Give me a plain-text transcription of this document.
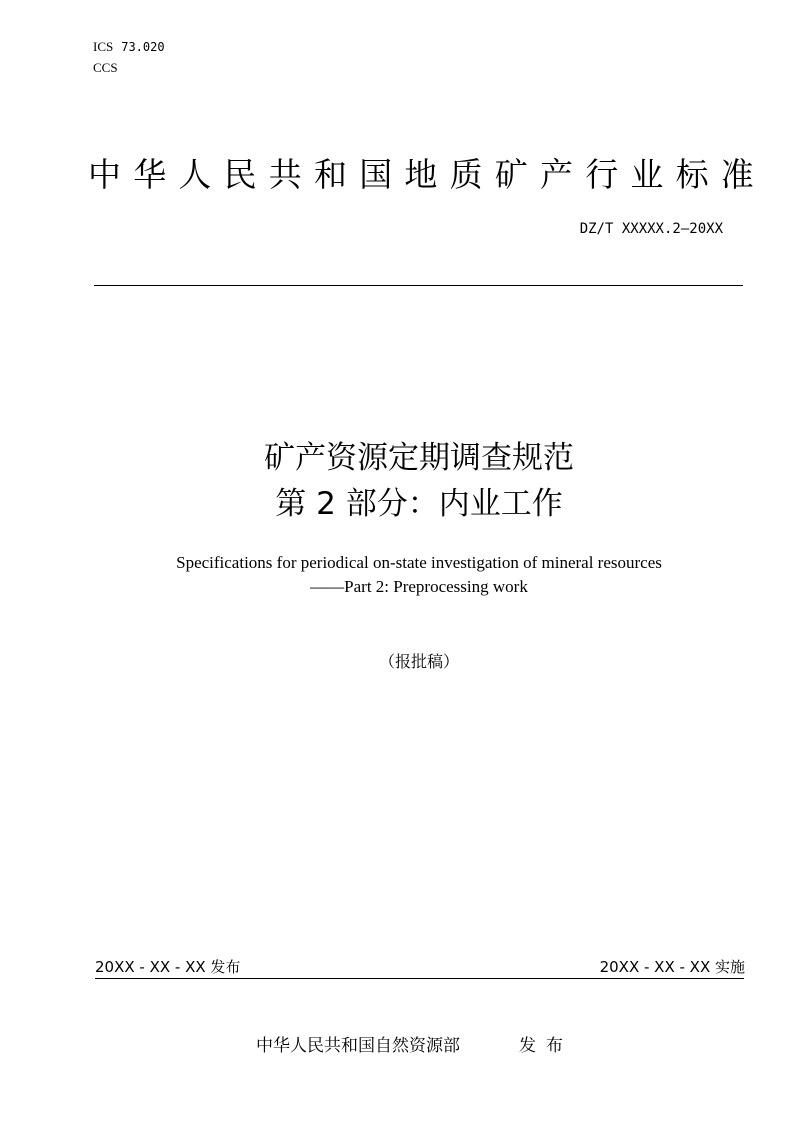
ICS 73.020
CCS
中华人民共和国地质矿产行业标准
DZ/T XXXXX.2—20XX
矿产资源定期调查规范
第 2 部分：内业工作
Specifications for periodical on-state investigation of mineral resources
——Part 2: Preprocessing work
（报批稿）
20XX - XX - XX 发布	20XX - XX - XX 实施
中华人民共和国自然资源部	发布
